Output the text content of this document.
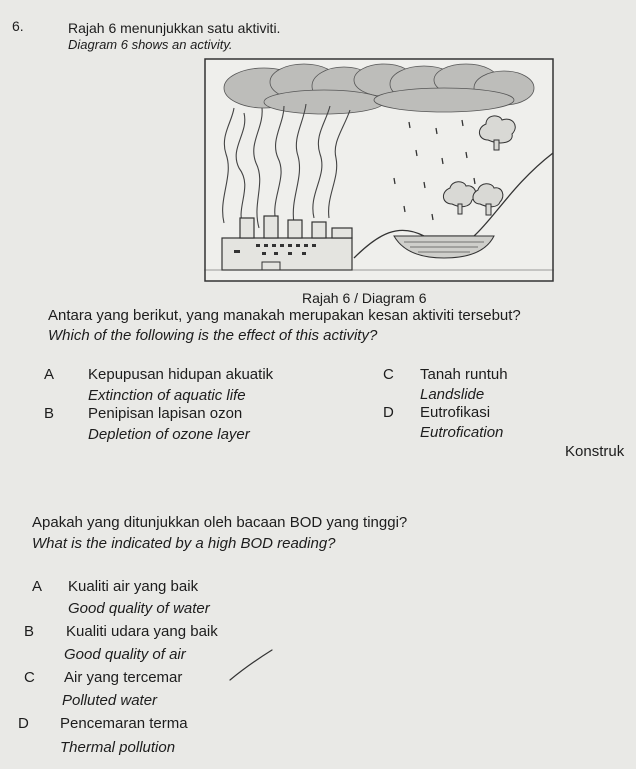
6.	Rajah 6 menunjukkan satu aktiviti.
Diagram 6 shows an activity.
Rajah 6 / Diagram 6
Antara yang berikut, yang manakah merupakan kesan aktiviti tersebut?
Which of the following is the effect of this activity?
A Kepupusan hidupan akuatik
Extinction of aquatic life
B Penipisan lapisan ozon
Depletion of ozone layer
C Tanah runtuh
Landslide
D Eutrofikasi
Eutrofication
Konstruk
Apakah yang ditunjukkan oleh bacaan BOD yang tinggi?
What is the indicated by a high BOD reading?
A Kualiti air yang baik
Good quality of water
B Kualiti udara yang baik
Good quality of air
C Air yang tercemar
Polluted water
D Pencemaran terma
Thermal pollution
